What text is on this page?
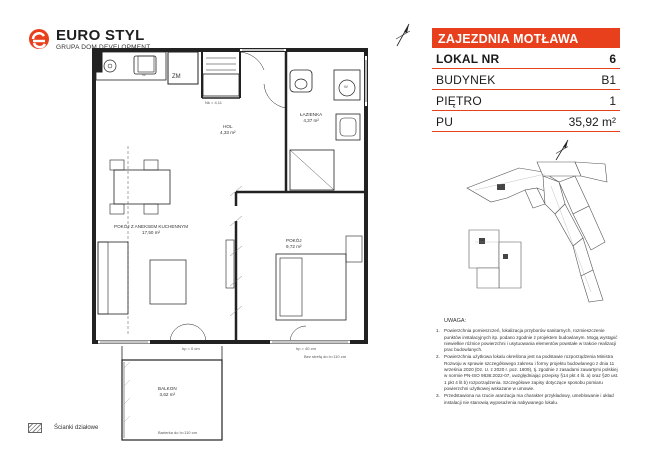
EURO STYL
GRUPA DOM DEVELOPMENT
ZM
W
W
Nk = 4,11
ŁAZIENKA
4,37 m²
HOL
4,33 m²
POKÓJ Z ANEKSEM KUCHENNYM
17,50 m²
POKÓJ
9,72 m²
BALKON
3,62 m²
hp = 0 cm	hp = 40 cm
Bez strefą do h=110 cm
Barierka do h=110 cm
ZAJEZDNIA MOTŁAWA
LOKAL NR	6
BUDYNEK	B1
PIĘTRO	1
PU	35,92 m²
UWAGA:
1. Powierzchnia pomieszczeń, lokalizacja przyborów sanitarnych, rozmieszczenie punktów instalacyjnych itp. podano zgodnie z projektem budowlanym. Mogą wystąpić niewielkie różnice powierzchni i usytuowania elementów powstałe w trakcie realizacji prac budowlanych.
2. Powierzchnia użytkowa lokalu określona jest na podstawie rozporządzenia Ministra Rozwoju w sprawie szczegółowego zakresu i formy projektu budowlanego z dnia 11 września 2020 (Dz. U. z 2020 r. poz. 1609), tj. zgodnie z zasadami zawartymi polskiej w normie PN-ISO 9836:2022-07, uwzględniając przepisy §14 pkt 4 lit. a) oraz §20 ust. 1 pkt 4 lit b) rozporządzenia. Szczegółowe zapisy dotyczące sposobu pomiaru powierzchni użytkowej wskazane w umowie.
3. Przedstawiona na rzucie aranżacja ma charakter przykładowy, umeblowanie i układ instalacji nie stanowią wyposażenia nabywanego lokalu.
Ścianki działowe
